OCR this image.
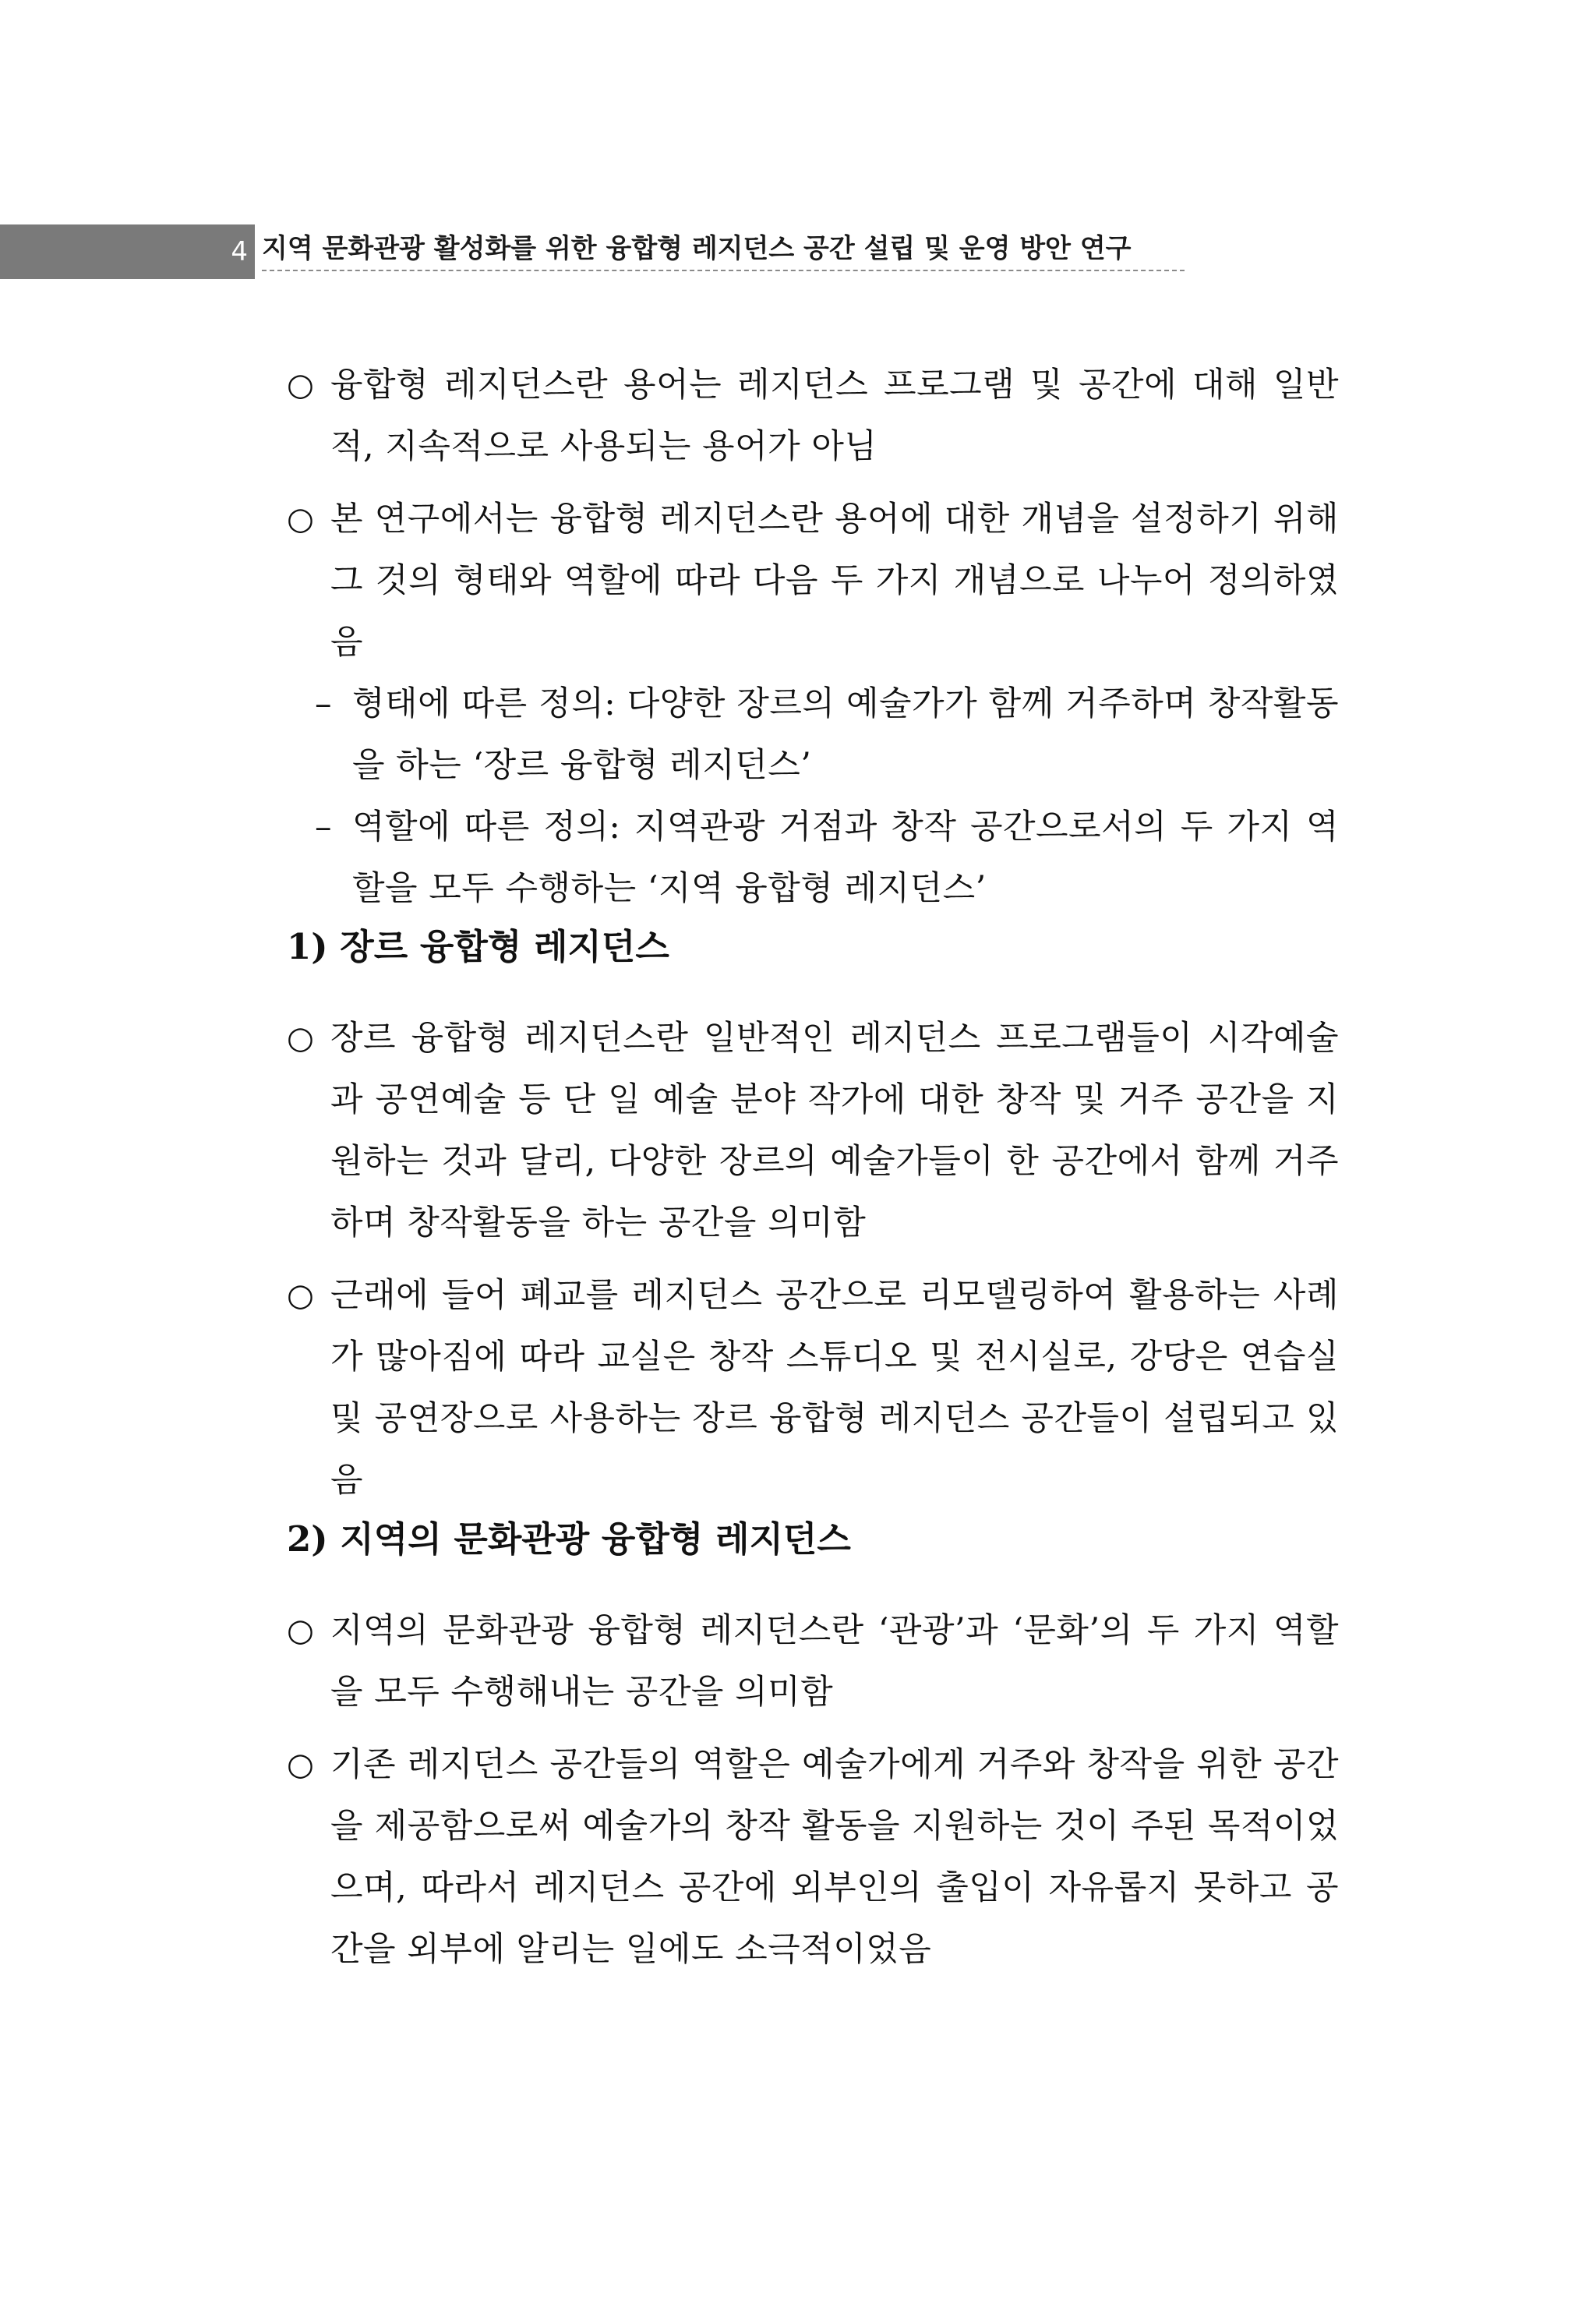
4 지역 문화관광 활성화를 위한 융합형 레지던스 공간 설립 및 운영 방안 연구
○ 융합형 레지던스란 용어는 레지던스 프로그램 및 공간에 대해 일반적, 지속적으로 사용되는 용어가 아님
○ 본 연구에서는 융합형 레지던스란 용어에 대한 개념을 설정하기 위해 그 것의 형태와 역할에 따라 다음 두 가지 개념으로 나누어 정의하였음
– 형태에 따른 정의: 다양한 장르의 예술가가 함께 거주하며 창작활동을 하는 ‘장르 융합형 레지던스’
– 역할에 따른 정의: 지역관광 거점과 창작 공간으로서의 두 가지 역할을 모두 수행하는 ‘지역 융합형 레지던스’
1) 장르 융합형 레지던스
○ 장르 융합형 레지던스란 일반적인 레지던스 프로그램들이 시각예술과 공연예술 등 단 일 예술 분야 작가에 대한 창작 및 거주 공간을 지원하는 것과 달리, 다양한 장르의 예술가들이 한 공간에서 함께 거주하며 창작활동을 하는 공간을 의미함
○ 근래에 들어 폐교를 레지던스 공간으로 리모델링하여 활용하는 사례가 많아짐에 따라 교실은 창작 스튜디오 및 전시실로, 강당은 연습실 및 공연장으로 사용하는 장르 융합형 레지던스 공간들이 설립되고 있음
2) 지역의 문화관광 융합형 레지던스
○ 지역의 문화관광 융합형 레지던스란 ‘관광’과 ‘문화’의 두 가지 역할을 모두 수행해내는 공간을 의미함
○ 기존 레지던스 공간들의 역할은 예술가에게 거주와 창작을 위한 공간을 제공함으로써 예술가의 창작 활동을 지원하는 것이 주된 목적이었으며, 따라서 레지던스 공간에 외부인의 출입이 자유롭지 못하고 공간을 외부에 알리는 일에도 소극적이었음
